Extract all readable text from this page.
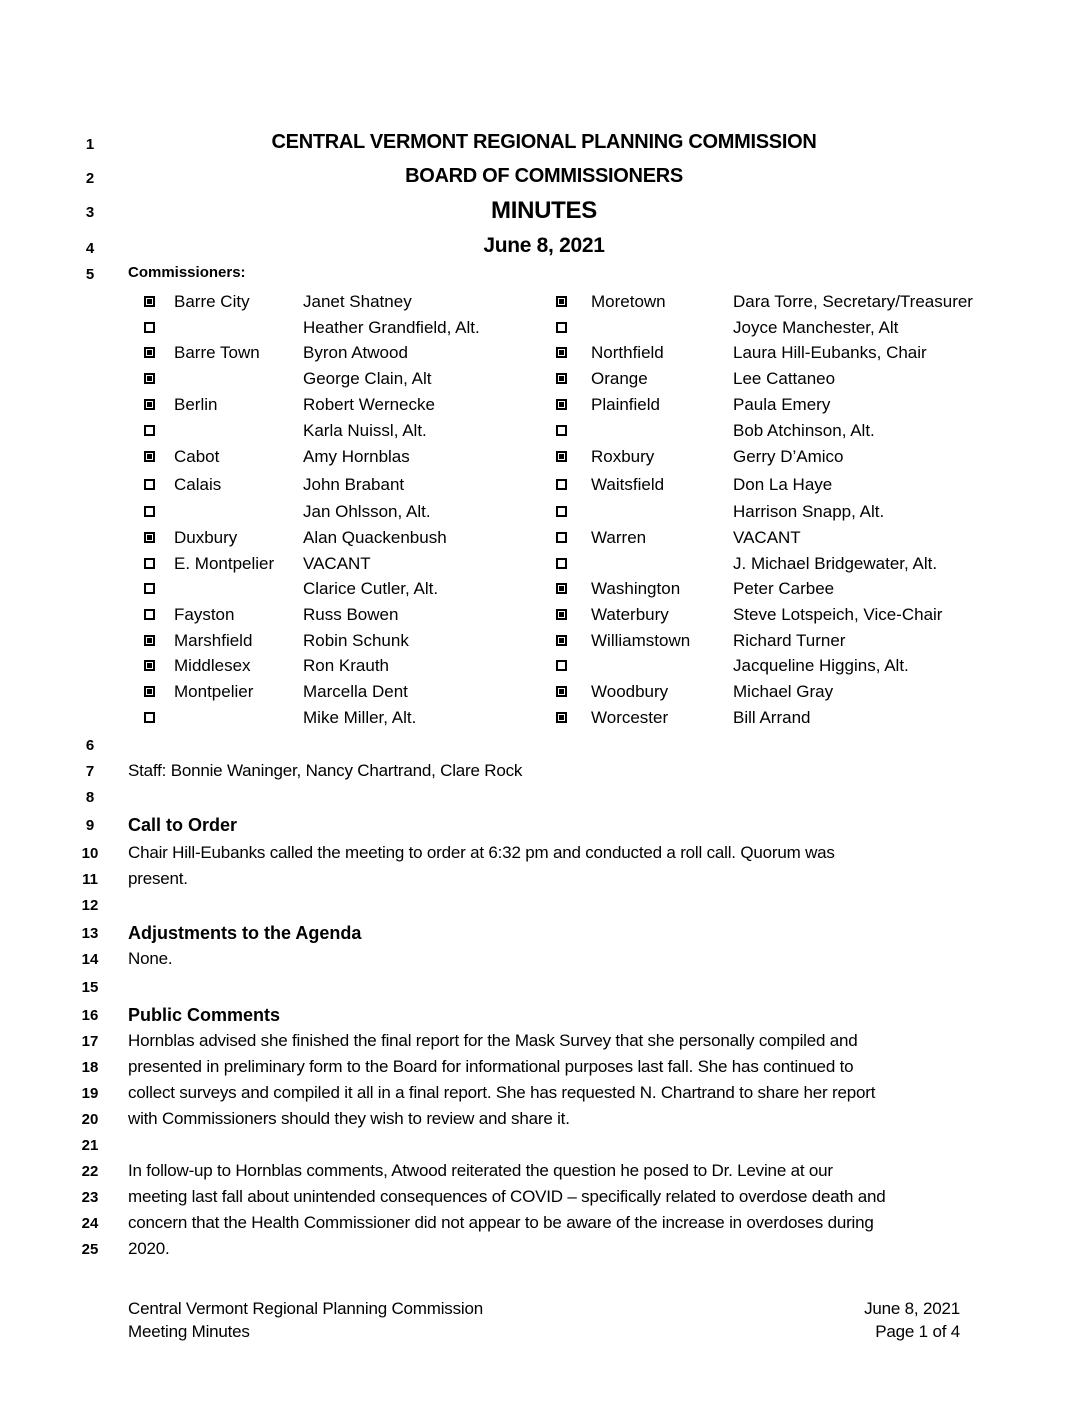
1
2
3
4
5
6
7
8
9
10
11
12
13
14
15
16
17
18
19
20
21
22
23
24
25
CENTRAL VERMONT REGIONAL PLANNING COMMISSION
BOARD OF COMMISSIONERS
MINUTES
June 8, 2021
Commissioners:
Barre City	Janet Shatney
Heather Grandfield, Alt.
Barre Town	Byron Atwood
George Clain, Alt
Berlin	Robert Wernecke
Karla Nuissl, Alt.
Cabot	Amy Hornblas
Calais	John Brabant
Jan Ohlsson, Alt.
Duxbury	Alan Quackenbush
E. Montpelier VACANT
Clarice Cutler, Alt.
Fayston	Russ Bowen
Marshfield	Robin Schunk
Middlesex	Ron Krauth
Montpelier	Marcella Dent
Mike Miller, Alt.
Moretown	Dara Torre, Secretary/Treasurer
Joyce Manchester, Alt
Northfield	Laura Hill-Eubanks, Chair
Orange	Lee Cattaneo
Plainfield	Paula Emery
Bob Atchinson, Alt.
Roxbury	Gerry D’Amico
Waitsfield	Don La Haye
Harrison Snapp, Alt.
Warren	VACANT
J. Michael Bridgewater, Alt.
Washington	Peter Carbee
Waterbury	Steve Lotspeich, Vice-Chair
Williamstown	Richard Turner
Jacqueline Higgins, Alt.
Woodbury	Michael Gray
Worcester	Bill Arrand
Staff: Bonnie Waninger, Nancy Chartrand, Clare Rock
Call to Order
Chair Hill-Eubanks called the meeting to order at 6:32 pm and conducted a roll call. Quorum was
present.
Adjustments to the Agenda
None.
Public Comments
Hornblas advised she finished the final report for the Mask Survey that she personally compiled and
presented in preliminary form to the Board for informational purposes last fall. She has continued to
collect surveys and compiled it all in a final report. She has requested N. Chartrand to share her report
with Commissioners should they wish to review and share it.
In follow-up to Hornblas comments, Atwood reiterated the question he posed to Dr. Levine at our
meeting last fall about unintended consequences of COVID – specifically related to overdose death and
concern that the Health Commissioner did not appear to be aware of the increase in overdoses during
2020.
Central Vermont Regional Planning Commission
Meeting Minutes
June 8, 2021
Page 1 of 4
